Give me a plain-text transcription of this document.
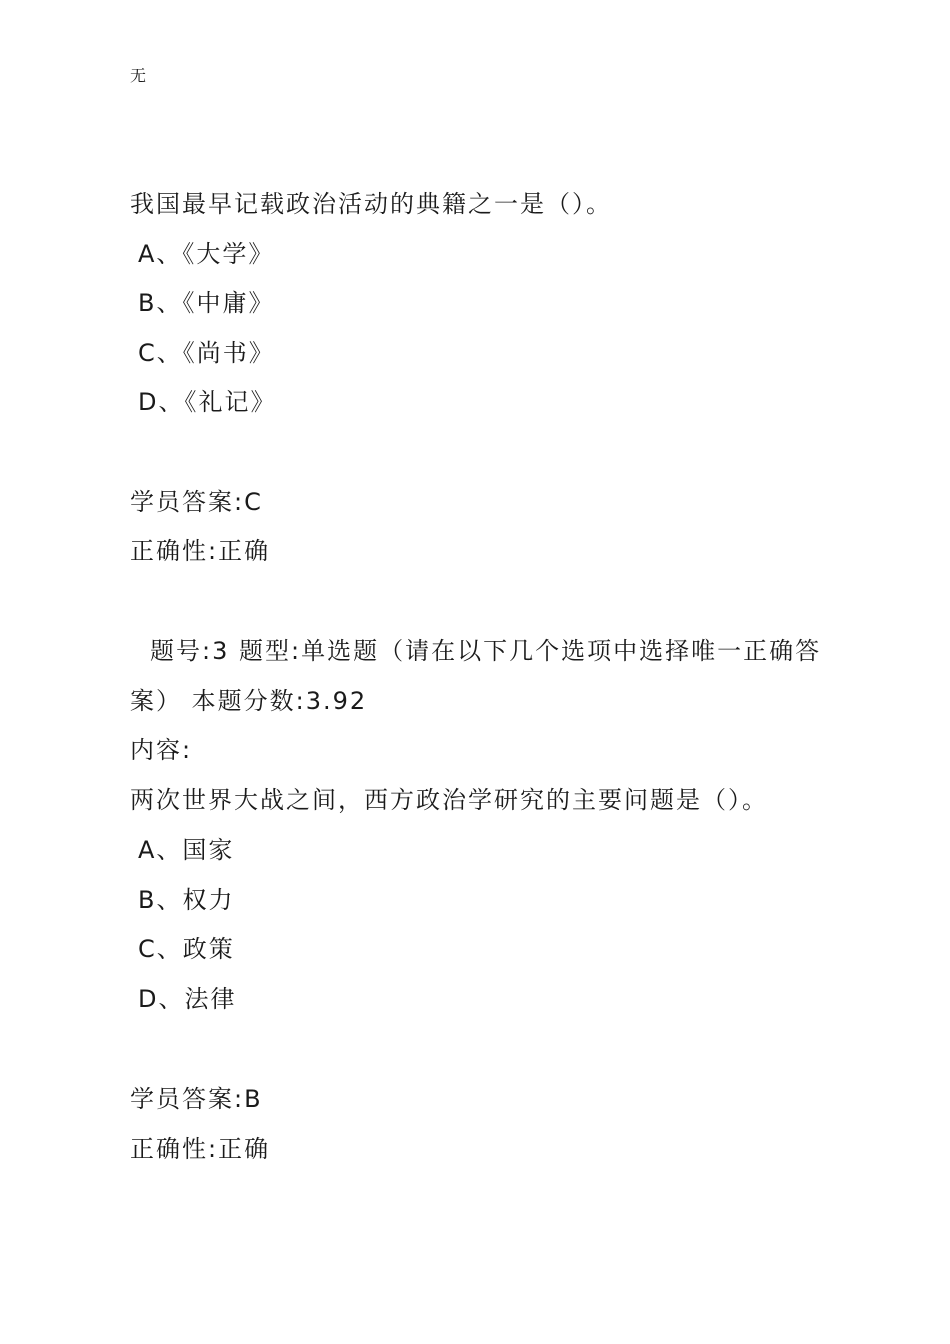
无
我国最早记载政治活动的典籍之一是（）。
A、《大学》
B、《中庸》
C、《尚书》
D、《礼记》
学员答案:C
正确性:正确
题号:3 题型:单选题（请在以下几个选项中选择唯一正确答
案） 本题分数:3.92
内容:
两次世界大战之间，西方政治学研究的主要问题是（）。
A、国家
B、权力
C、政策
D、法律
学员答案:B
正确性:正确
